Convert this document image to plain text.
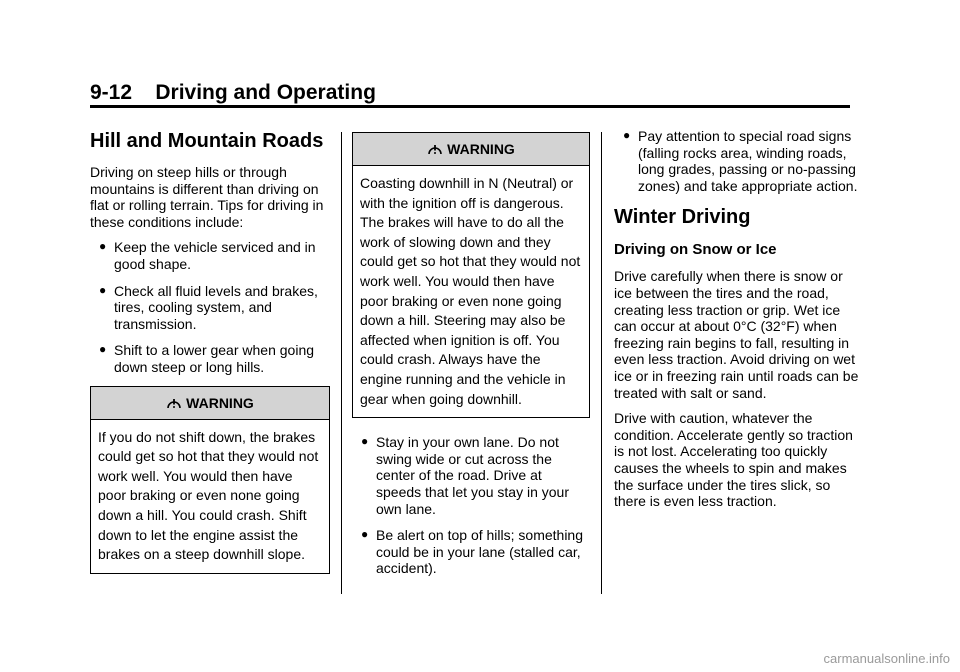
9-12 Driving and Operating
Hill and Mountain Roads

Driving on steep hills or through mountains is different than driving on flat or rolling terrain. Tips for driving in these conditions include:

● Keep the vehicle serviced and in good shape.
● Check all fluid levels and brakes, tires, cooling system, and transmission.
● Shift to a lower gear when going down steep or long hills.
WARNING
If you do not shift down, the brakes could get so hot that they would not work well. You would then have poor braking or even none going down a hill. You could crash. Shift down to let the engine assist the brakes on a steep downhill slope.
WARNING
Coasting downhill in N (Neutral) or with the ignition off is dangerous. The brakes will have to do all the work of slowing down and they could get so hot that they would not work well. You would then have poor braking or even none going down a hill. Steering may also be affected when ignition is off. You could crash. Always have the engine running and the vehicle in gear when going downhill.
● Stay in your own lane. Do not swing wide or cut across the center of the road. Drive at speeds that let you stay in your own lane.
● Be alert on top of hills; something could be in your lane (stalled car, accident).
● Pay attention to special road signs (falling rocks area, winding roads, long grades, passing or no-passing zones) and take appropriate action.
Winter Driving
Driving on Snow or Ice

Drive carefully when there is snow or ice between the tires and the road, creating less traction or grip. Wet ice can occur at about 0°C (32°F) when freezing rain begins to fall, resulting in even less traction. Avoid driving on wet ice or in freezing rain until roads can be treated with salt or sand.

Drive with caution, whatever the condition. Accelerate gently so traction is not lost. Accelerating too quickly causes the wheels to spin and makes the surface under the tires slick, so there is even less traction.

carmanualsonline.info
